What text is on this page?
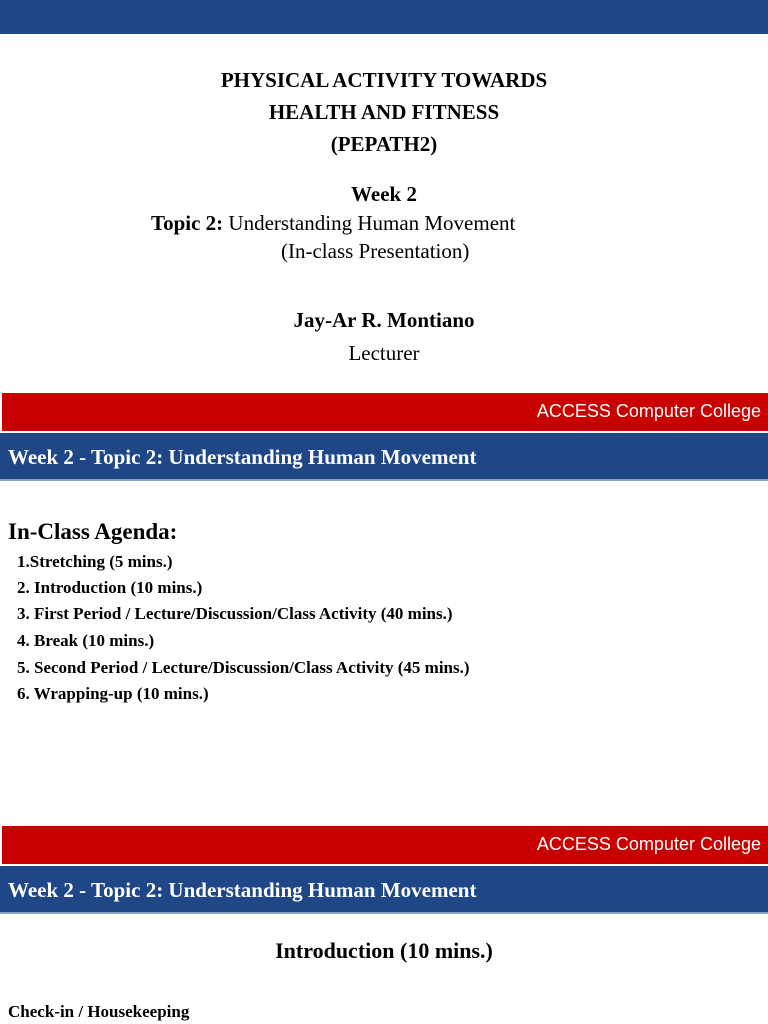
PHYSICAL ACTIVITY TOWARDS
HEALTH AND FITNESS
(PEPATH2)
Week 2
Topic 2: Understanding Human Movement
(In-class Presentation)
Jay-Ar R. Montiano
Lecturer
ACCESS Computer College
Week 2 - Topic 2: Understanding Human Movement
In-Class Agenda:
1.Stretching (5 mins.)
2. Introduction (10 mins.)
3. First Period / Lecture/Discussion/Class Activity (40 mins.)
4. Break (10 mins.)
5. Second Period / Lecture/Discussion/Class Activity (45 mins.)
6. Wrapping-up (10 mins.)
ACCESS Computer College
Week 2 - Topic 2: Understanding Human Movement
Introduction (10 mins.)
Check-in / Housekeeping
